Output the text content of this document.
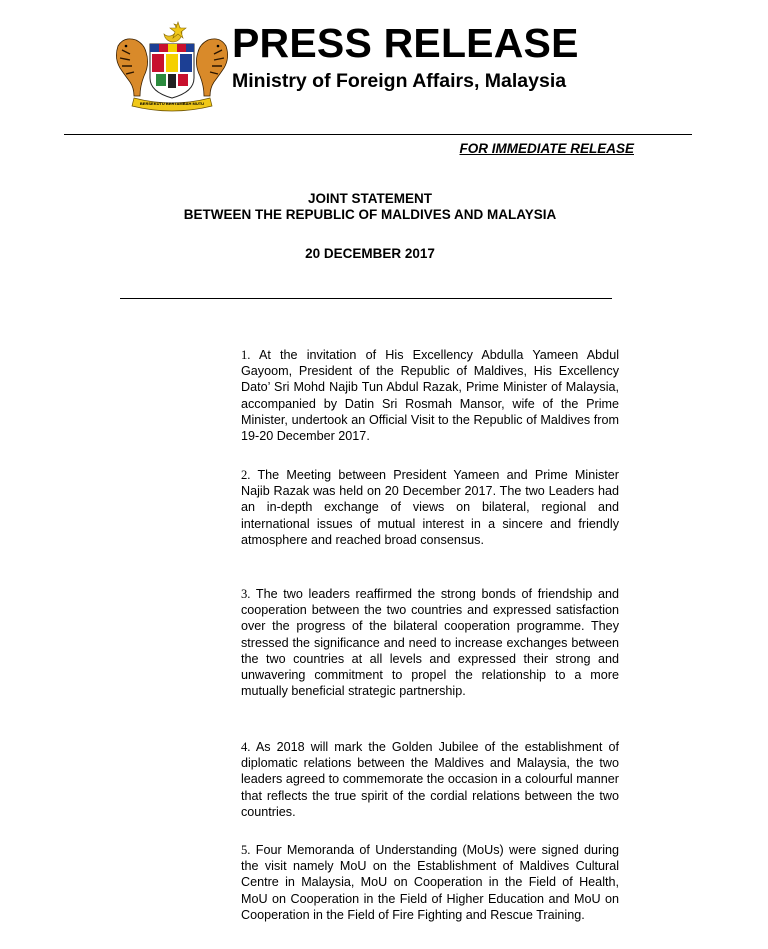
BERSEKUTU BERTAMBAH MUTU
PRESS RELEASE
Ministry of Foreign Affairs, Malaysia
FOR IMMEDIATE RELEASE
JOINT STATEMENT
BETWEEN THE REPUBLIC OF MALDIVES AND MALAYSIA
20 DECEMBER 2017
1. At the invitation of His Excellency Abdulla Yameen Abdul Gayoom, President of the Republic of Maldives, His Excellency Dato’ Sri Mohd Najib Tun Abdul Razak, Prime Minister of Malaysia, accompanied by Datin Sri Rosmah Mansor, wife of the Prime Minister, undertook an Official Visit to the Republic of Maldives from 19-20 December 2017.
2. The Meeting between President Yameen and Prime Minister Najib Razak was held on 20 December 2017. The two Leaders had an in-depth exchange of views on bilateral, regional and international issues of mutual interest in a sincere and friendly atmosphere and reached broad consensus.
3. The two leaders reaffirmed the strong bonds of friendship and cooperation between the two countries and expressed satisfaction over the progress of the bilateral cooperation programme. They stressed the significance and need to increase exchanges between the two countries at all levels and expressed their strong and unwavering commitment to propel the relationship to a more mutually beneficial strategic partnership.
4. As 2018 will mark the Golden Jubilee of the establishment of diplomatic relations between the Maldives and Malaysia, the two leaders agreed to commemorate the occasion in a colourful manner that reflects the true spirit of the cordial relations between the two countries.
5. Four Memoranda of Understanding (MoUs) were signed during the visit namely MoU on the Establishment of Maldives Cultural Centre in Malaysia, MoU on Cooperation in the Field of Health, MoU on Cooperation in the Field of Higher Education and MoU on Cooperation in the Field of Fire Fighting and Rescue Training.
